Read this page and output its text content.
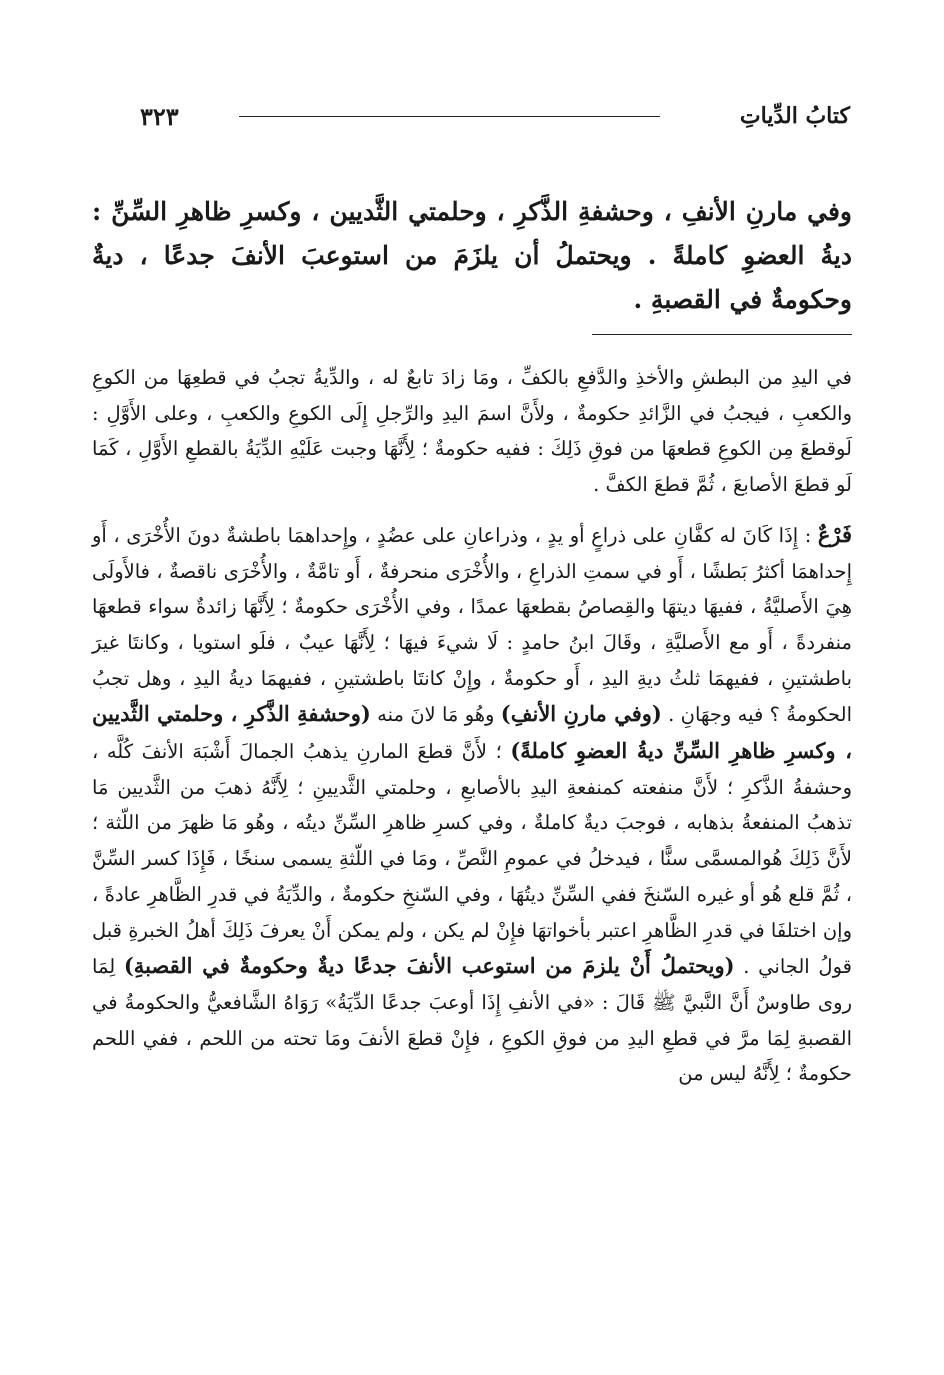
كتابُ الدِّياتِ
٣٢٣

وفي مارنِ الأنفِ ، وحشفةِ الذَّكرِ ، وحلمتي الثَّديين ، وكسرِ ظاهرِ السِّنِّ : ديةُ العضوِ كاملةً . ويحتملُ أن يلزَمَ من استوعبَ الأنفَ جدعًا ، ديةٌ وحكومةٌ في القصبةِ .

في اليدِ من البطشِ والأخذِ والدَّفعِ بالكفِّ ، ومَا زادَ تابعٌ له ، والدِّيةُ تجبُ في قطعِهَا من الكوعِ والكعبِ ، فيجبُ في الزَّائدِ حكومةٌ ، ولأَنَّ اسمَ اليدِ والرِّجلِ إِلَى الكوعِ والكعبِ ، وعلى الأَوَّلِ : لَوقطعَ مِن الكوعِ قطعهَا من فوقِ ذَلِكَ : ففيه حكومةٌ ؛ لِأَنَّهَا وجبت عَلَيْهِ الدِّيَةُ بالقطعِ الأَوَّلِ ، كَمَا لَو قطعَ الأصابعَ ، ثُمَّ قطعَ الكفَّ .

فَرْعٌ : إِذَا كَانَ له كفَّانِ على ذراعٍ أو يدٍ ، وذراعانِ على عضُدٍ ، وإِحداهمَا باطشةٌ دونَ الأُخْرَى ، أَو إِحداهمَا أكثرُ بَطشًا ، أَو في سمتِ الذراعِ ، والأُخْرَى منحرفةٌ ، أَو تامَّةٌ ، والأُخْرَى ناقصةٌ ، فالأَولَى هِيَ الأَصليَّةُ ، ففيهَا ديتهَا والقِصاصُ بقطعهَا عمدًا ، وفي الأُخْرَى حكومةٌ ؛ لِأَنَّهَا زائدةٌ سواء قطعهَا منفردةً ، أَو مع الأَصليَّةِ ، وقَالَ ابنُ حامدٍ : لَا شيءَ فيهَا ؛ لِأَنَّهَا عيبٌ ، فلَو استويا ، وكانتَا غيرَ باطشتينِ ، ففيهمَا ثلثُ ديةِ اليدِ ، أَو حكومةٌ ، وإِنْ كانتَا باطشتينِ ، ففيهمَا ديةُ اليدِ ، وهل تجبُ الحكومةُ ؟ فيه وجهَانِ . (وفي مارنِ الأنفِ) وهُو مَا لانَ منه (وحشفةِ الذَّكرِ ، وحلمتي الثَّديين ، وكسرِ ظاهرِ السِّنِّ ديةُ العضوِ كاملةً) ؛ لأَنَّ قطعَ المارنِ يذهبُ الجمالَ أَشْبَهَ الأنفَ كُلَّه ، وحشفةُ الذَّكرِ ؛ لأَنَّ منفعته كمنفعةِ اليدِ بالأصابعِ ، وحلمتي الثَّديينِ ؛ لِأَنَّهُ ذهبَ من الثَّديين مَا تذهبُ المنفعةُ بذهابه ، فوجبَ ديةٌ كاملةٌ ، وفي كسرِ ظاهرِ السِّنِّ ديتُه ، وهُو مَا ظهرَ من اللّثة ؛ لأَنَّ ذَلِكَ هُوالمسمَّى سنًّا ، فيدخلُ في عمومِ النَّصِّ ، ومَا في اللّثةِ يسمى سنخًا ، فَإِذَا كسر السِّنَّ ، ثُمَّ قلع هُو أو غيره السّنخَ ففي السِّنِّ ديتُهَا ، وفي السّنخِ حكومةٌ ، والدِّيَةُ في قدرِ الظَّاهرِ عادةً ، وإن اختلفَا في قدرِ الظَّاهرِ اعتبر بأخواتهَا فإِنْ لم يكن ، ولم يمكن أَنْ يعرفَ ذَلِكَ أهلُ الخبرةِ قبل قولُ الجاني . (ويحتملُ أَنْ يلزمَ من استوعب الأنفَ جدعًا ديةٌ وحكومةٌ في القصبةِ) لِمَا روى طاوسٌ أَنَّ النَّبيَّ ﷺ قَالَ : «في الأنفِ إِذَا أوعبَ جدعًا الدِّيَةُ» رَوَاهُ الشَّافعيُّ والحكومةُ في القصبةِ لِمَا مرَّ في قطعِ اليدِ من فوقِ الكوعِ ، فإِنْ قطعَ الأنفَ ومَا تحته من اللحم ، ففي اللحم حكومةٌ ؛ لِأَنَّهُ ليس من
